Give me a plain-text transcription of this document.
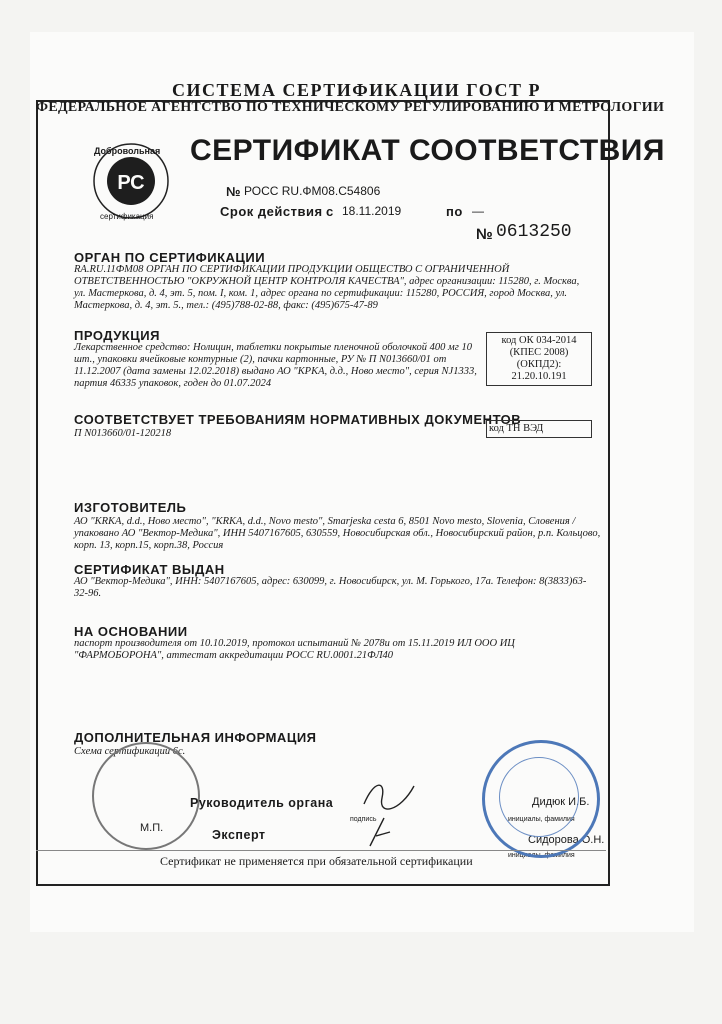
СИСТЕМА СЕРТИФИКАЦИИ ГОСТ Р
ФЕДЕРАЛЬНОЕ АГЕНТСТВО ПО ТЕХНИЧЕСКОМУ РЕГУЛИРОВАНИЮ И МЕТРОЛОГИИ
РС
Добровольная
сертификация
СЕРТИФИКАТ СООТВЕТСТВИЯ
№ РОСС RU.ФМ08.С54806
Срок действия с 18.11.2019	по —
№ 0613250
ОРГАН ПО СЕРТИФИКАЦИИ
RA.RU.11ФМ08 ОРГАН ПО СЕРТИФИКАЦИИ ПРОДУКЦИИ ОБЩЕСТВО С ОГРАНИЧЕННОЙ ОТВЕТСТВЕННОСТЬЮ "ОКРУЖНОЙ ЦЕНТР КОНТРОЛЯ КАЧЕСТВА", адрес организации: 115280, г. Москва, ул. Мастеркова, д. 4, эт. 5, пом. I, ком. 1, адрес органа по сертификации: 115280, РОССИЯ, город Москва, ул. Мастеркова, д. 4, эт. 5., тел.: (495)788-02-88, факс: (495)675-47-89
ПРОДУКЦИЯ
Лекарственное средство: Нолицин, таблетки покрытые пленочной оболочкой 400 мг 10 шт., упаковки ячейковые контурные (2), пачки картонные, РУ № П N013660/01 от 11.12.2007 (дата замены 12.02.2018) выдано АО "КРКА, д.д., Ново место", серия NJ1333, партия 46335 упаковок, годен до 01.07.2024
код ОК 034-2014
(КПЕС 2008)
(ОКПД2):
21.20.10.191
СООТВЕТСТВУЕТ ТРЕБОВАНИЯМ НОРМАТИВНЫХ ДОКУМЕНТОВ
П N013660/01-120218	код ТН ВЭД
ИЗГОТОВИТЕЛЬ
АО "KRKA, d.d., Ново место", "KRKA, d.d., Novo mesto", Smarjeska cesta 6, 8501 Novo mesto, Slovenia, Словения / упаковано АО "Вектор-Медика", ИНН 5407167605, 630559, Новосибирская обл., Новосибирский район, р.п. Кольцово, корп. 13, корп.15, корп.38, Россия
СЕРТИФИКАТ ВЫДАН
АО "Вектор-Медика", ИНН: 5407167605, адрес: 630099, г. Новосибирск, ул. М. Горького, 17а. Телефон: 8(3833)63-32-96.
НА ОСНОВАНИИ
паспорт производителя от 10.10.2019, протокол испытаний № 2078и от 15.11.2019 ИЛ ООО ИЦ "ФАРМОБОРОНА", аттестат аккредитации РОСС RU.0001.21ФЛ40
ДОПОЛНИТЕЛЬНАЯ ИНФОРМАЦИЯ
Схема сертификации 6с.
М.П.
Руководитель органа
подпись
Дидюк И.Б.
инициалы, фамилия
Эксперт	Сидорова О.Н.
инициалы, фамилия
Сертификат не применяется при обязательной сертификации
